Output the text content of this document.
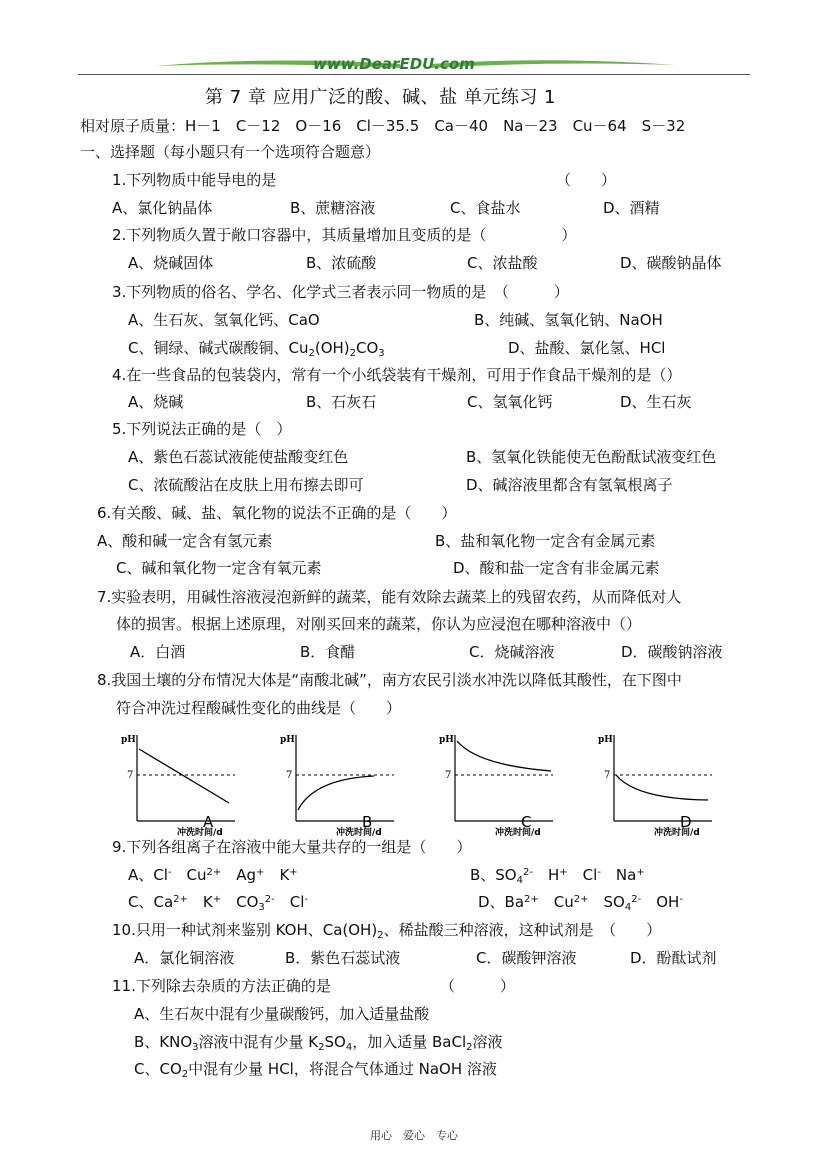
www.DearEDU.com
第 7 章 应用广泛的酸、碱、盐 单元练习 1
相对原子质量：H－1　C－12　O－16　Cl－35.5　Ca－40　Na－23　Cu－64　S－32
一、选择题（每小题只有一个选项符合题意）
1.下列物质中能导电的是	（　　）
A、氯化钠晶体	B、蔗糖溶液	C、食盐水	D、酒精
2.下列物质久置于敞口容器中，其质量增加且变质的是（　　　　　）
A、烧碱固体	B、浓硫酸	C、浓盐酸	D、碳酸钠晶体
3.下列物质的俗名、学名、化学式三者表示同一物质的是　（　　　）
A、生石灰、氢氧化钙、CaO	B、纯碱、氢氧化钠、NaOH
C、铜绿、碱式碳酸铜、$Cu_2(OH)_2CO_3$	D、盐酸、氯化氢、HCl
4.在一些食品的包装袋内，常有一个小纸袋装有干燥剂，可用于作食品干燥剂的是（）
A、烧碱	B、石灰石	C、氢氧化钙	D、生石灰
5.下列说法正确的是（　）
A、紫色石蕊试液能使盐酸变红色	B、氢氧化铁能使无色酚酞试液变红色
C、浓硫酸沾在皮肤上用布擦去即可	D、碱溶液里都含有氢氧根离子
6.有关酸、碱、盐、氧化物的说法不正确的是（　　）
A、酸和碱一定含有氢元素	B、盐和氧化物一定含有金属元素
C、碱和氧化物一定含有氧元素	D、酸和盐一定含有非金属元素
7.实验表明，用碱性溶液浸泡新鲜的蔬菜，能有效除去蔬菜上的残留农药，从而降低对人
体的损害。根据上述原理，对刚买回来的蔬菜，你认为应浸泡在哪种溶液中（）
A．白酒	B．食醋	C．烧碱溶液	D．碳酸钠溶液
8.我国土壤的分布情况大体是“南酸北碱”，南方农民引淡水冲洗以降低其酸性，在下图中
符合冲洗过程酸碱性变化的曲线是（　　）
pH
7
冲洗时间/d
A
pH
7
冲洗时间/d
B
pH
7
冲洗时间/d
C
pH
7
冲洗时间/d
D
9.下列各组离子在溶液中能大量共存的一组是（　　）
A、Cl-　$Cu^{2+}$　Ag+　K+	B、$SO_4^{2-}$　H+　Cl-　Na+
C、$Ca^{2+}$　K+　$CO_3^{2-}$　Cl-	D、$Ba^{2+}$　$Cu^{2+}$　$SO_4^{2-}$　OH-
10.只用一种试剂来鉴别 KOH、$Ca(OH)_2$、稀盐酸三种溶液，这种试剂是　（　　）
A．氯化铜溶液	B．紫色石蕊试液	C．碳酸钾溶液	D．酚酞试剂
11.下列除去杂质的方法正确的是	（　　　）
A、生石灰中混有少量碳酸钙，加入适量盐酸
B、$KNO_3$溶液中混有少量 $K_2SO_4$，加入适量 BaCl$_2$溶液
C、$CO_2$中混有少量 HCl，将混合气体通过 NaOH 溶液
用心　爱心　专心
